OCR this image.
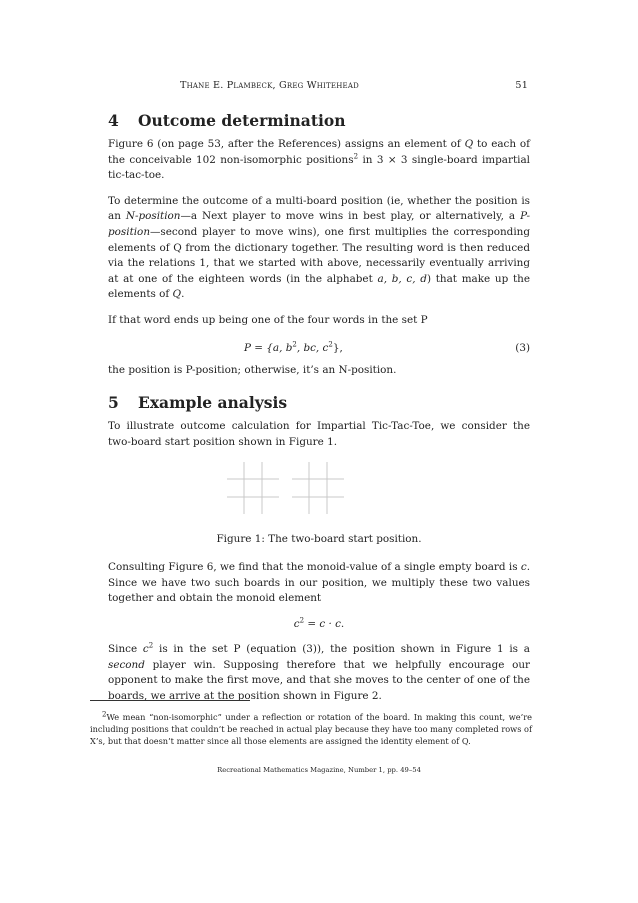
Thane E. Plambeck, Greg Whitehead	51
4 Outcome determination

Figure 6 (on page 53, after the References) assigns an element of Q to each of the conceivable 102 non-isomorphic positions$^2$ in 3 × 3 single-board impartial tic-tac-toe.

To determine the outcome of a multi-board position (ie, whether the position is an N-position—a Next player to move wins in best play, or alternatively, a P-position—second player to move wins), one first multiplies the corresponding elements of Q from the dictionary together. The resulting word is then reduced via the relations 1, that we started with above, necessarily eventually arriving at at one of the eighteen words (in the alphabet a, b, c, d) that make up the elements of Q.

If that word ends up being one of the four words in the set P

P = {a, $b^2$, bc, $c^2$},	(3)

the position is P-position; otherwise, it’s an N-position.

5 Example analysis

To illustrate outcome calculation for Impartial Tic-Tac-Toe, we consider the two-board start position shown in Figure 1.

Figure 1: The two-board start position.

Consulting Figure 6, we find that the monoid-value of a single empty board is c. Since we have two such boards in our position, we multiply these two values together and obtain the monoid element

$c^2 = c \cdot c$.

Since $c^2$ is in the set P (equation (3)), the position shown in Figure 1 is a second player win. Supposing therefore that we helpfully encourage our opponent to make the first move, and that she moves to the center of one of the boards, we arrive at the position shown in Figure 2.

$^2$We mean “non-isomorphic” under a reflection or rotation of the board. In making this count, we’re including positions that couldn’t be reached in actual play because they have too many completed rows of X’s, but that doesn’t matter since all those elements are assigned the identity element of Q.
Recreational Mathematics Magazine, Number 1, pp. 49–54
